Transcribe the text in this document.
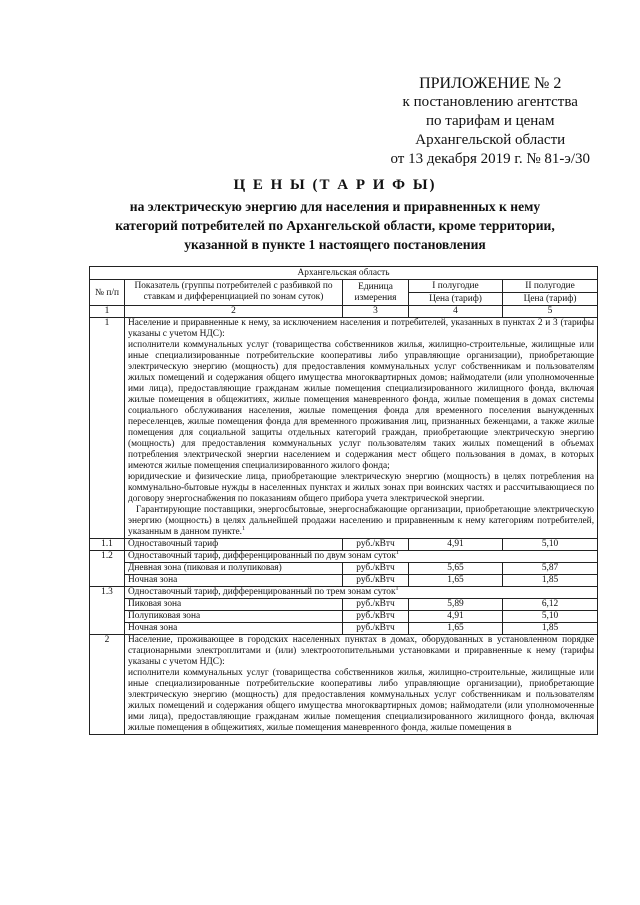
ПРИЛОЖЕНИЕ № 2
к постановлению агентства
по тарифам и ценам
Архангельской области
от 13 декабря 2019 г. № 81-э/30
Ц Е Н Ы (Т А Р И Ф Ы)
на электрическую энергию для населения и приравненных к нему
категорий потребителей по Архангельской области, кроме территории,
указанной в пункте 1 настоящего постановления
Архангельская область				
№ п/п	Показатель (группы потребителей с разбивкой по ставкам и дифференциацией по зонам суток)	Единица измерения	I полугодие	II полугодие
			Цена (тариф)	Цена (тариф)
1	2	3	4	5
1	Население и приравненные к нему, за исключением населения и потребителей, указанных в пунктах 2 и 3 (тарифы указаны с учетом НДС):

исполнители коммунальных услуг (товарищества собственников жилья, жилищно-строительные, жилищные или иные специализированные потребительские кооперативы либо управляющие организации), приобретающие электрическую энергию (мощность) для предоставления коммунальных услуг собственникам и пользователям жилых помещений и содержания общего имущества многоквартирных домов; наймодатели (или уполномоченные ими лица), предоставляющие гражданам жилые помещения специализированного жилищного фонда, включая жилые помещения в общежитиях, жилые помещения маневренного фонда, жилые помещения в домах системы социального обслуживания населения, жилые помещения фонда для временного поселения вынужденных переселенцев, жилые помещения фонда для временного проживания лиц, признанных беженцами, а также жилые помещения для социальной защиты отдельных категорий граждан, приобретающие электрическую энергию (мощность) для предоставления коммунальных услуг пользователям таких жилых помещений в объемах потребления электрической энергии населением и содержания мест общего пользования в домах, в которых имеются жилые помещения специализированного жилого фонда;

юридические и физические лица, приобретающие электрическую энергию (мощность) в целях потребления на коммунально-бытовые нужды в населенных пунктах и жилых зонах при воинских частях и рассчитывающиеся по договору энергоснабжения по показаниям общего прибора учета электрической энергии.

Гарантирующие поставщики, энергосбытовые, энергоснабжающие организации, приобретающие электрическую энергию (мощность) в целях дальнейшей продажи населению и приравненным к нему категориям потребителей, указанным в данном пункте.$^1$

1.1	Одноставочный тариф	руб./кВтч	4,91	5,10
1.2	Одноставочный тариф, дифференцированный по двум зонам суток$^1$
	Дневная зона (пиковая и полупиковая)	руб./кВтч	5,65	5,87
	Ночная зона	руб./кВтч	1,65	1,85
1.3	Одноставочный тариф, дифференцированный по трем зонам суток$^1$
	Пиковая зона	руб./кВтч	5,89	6,12
	Полупиковая зона	руб./кВтч	4,91	5,10
	Ночная зона	руб./кВтч	1,65	1,85
2	Население, проживающее в городских населенных пунктах в домах, оборудованных в установленном порядке стационарными электроплитами и (или) электроотопительными установками и приравненные к нему (тарифы указаны с учетом НДС):

исполнители коммунальных услуг (товарищества собственников жилья, жилищно-строительные, жилищные или иные специализированные потребительские кооперативы либо управляющие организации), приобретающие электрическую энергию (мощность) для предоставления коммунальных услуг собственникам и пользователям жилых помещений и содержания общего имущества многоквартирных домов; наймодатели (или уполномоченные ими лица), предоставляющие гражданам жилые помещения специализированного жилищного фонда, включая жилые помещения в общежитиях, жилые помещения маневренного фонда, жилые помещения в			
